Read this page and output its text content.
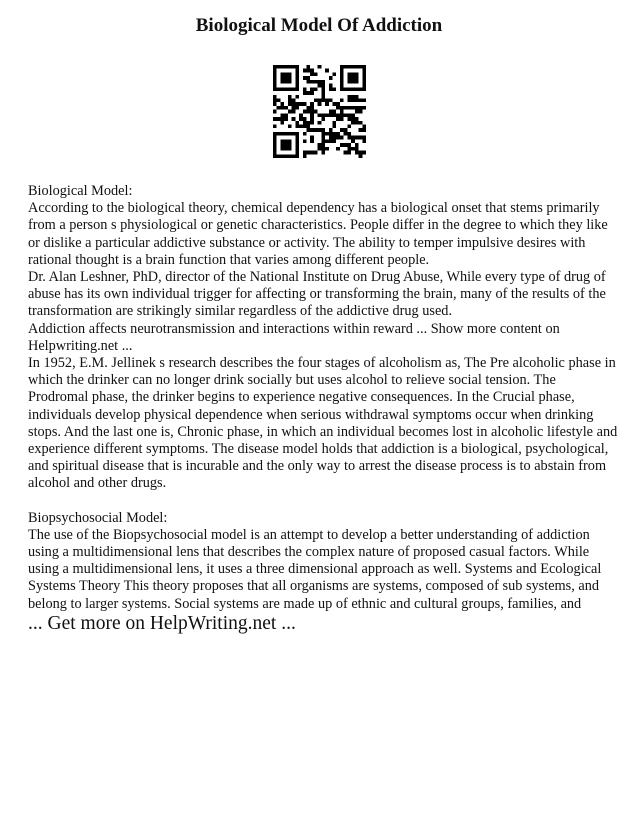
Biological Model Of Addiction

Biological Model:

According to the biological theory, chemical dependency has a biological onset that stems primarily from a person s physiological or genetic characteristics. People differ in the degree to which they like or dislike a particular addictive substance or activity. The ability to temper impulsive desires with rational thought is a brain function that varies among different people.

Dr. Alan Leshner, PhD, director of the National Institute on Drug Abuse, While every type of drug of abuse has its own individual trigger for affecting or transforming the brain, many of the results of the transformation are strikingly similar regardless of the addictive drug used.

Addiction affects neurotransmission and interactions within reward ... Show more content on Helpwriting.net ...

In 1952, E.M. Jellinek s research describes the four stages of alcoholism as, The Pre alcoholic phase in which the drinker can no longer drink socially but uses alcohol to relieve social tension. The Prodromal phase, the drinker begins to experience negative consequences. In the Crucial phase, individuals develop physical dependence when serious withdrawal symptoms occur when drinking stops. And the last one is, Chronic phase, in which an individual becomes lost in alcoholic lifestyle and experience different symptoms. The disease model holds that addiction is a biological, psychological, and spiritual disease that is incurable and the only way to arrest the disease process is to abstain from alcohol and other drugs.

Biopsychosocial Model:

The use of the Biopsychosocial model is an attempt to develop a better understanding of addiction using a multidimensional lens that describes the complex nature of proposed casual factors. While using a multidimensional lens, it uses a three dimensional approach as well. Systems and Ecological Systems Theory This theory proposes that all organisms are systems, composed of sub systems, and belong to larger systems. Social systems are made up of ethnic and cultural groups, families, and

... Get more on HelpWriting.net ...
